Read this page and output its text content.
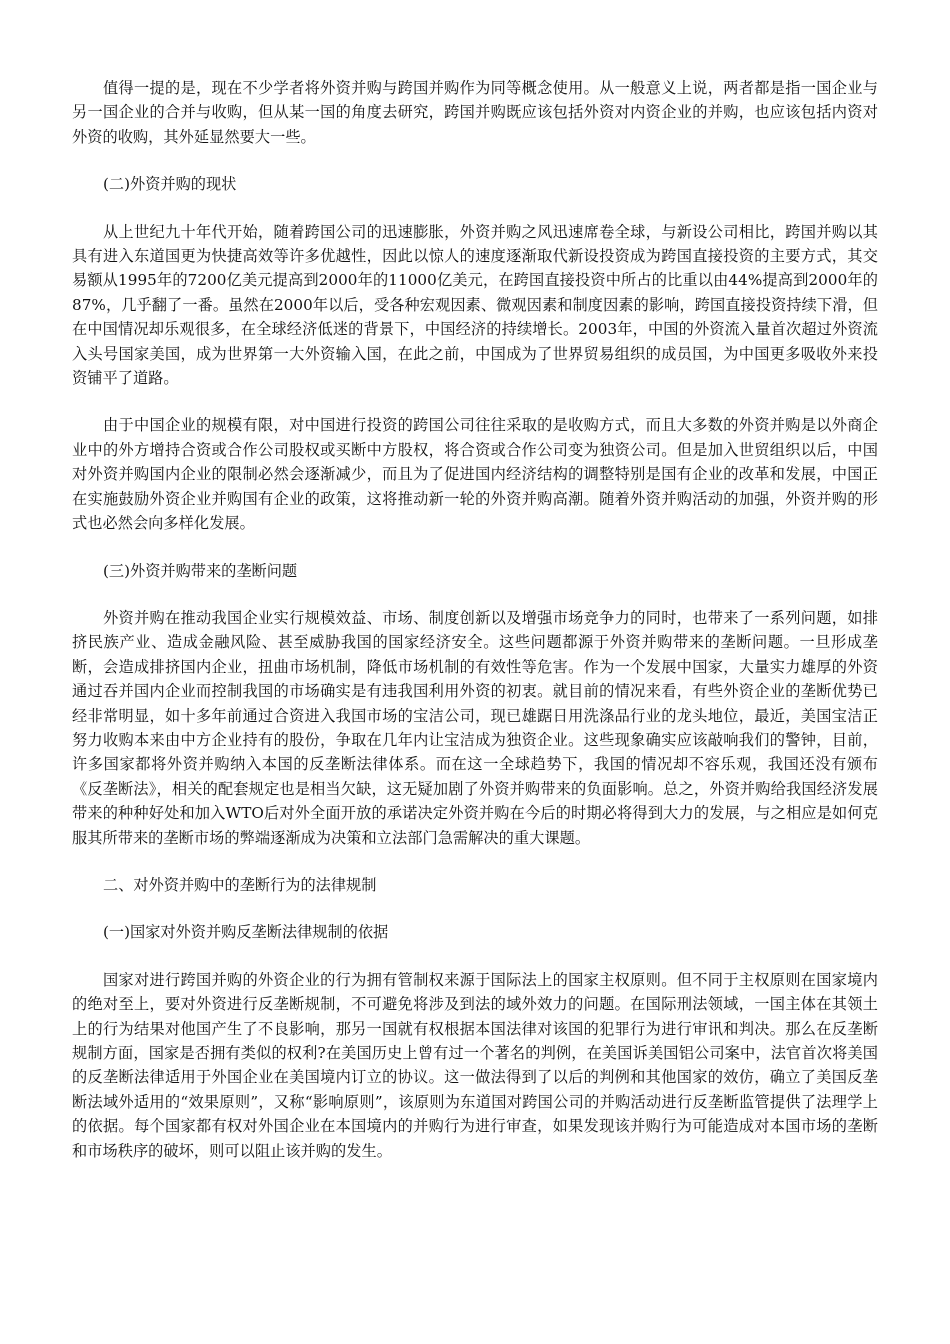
值得一提的是，现在不少学者将外资并购与跨国并购作为同等概念使用。从一般意义上说，两者都是指一国企业与另一国企业的合并与收购，但从某一国的角度去研究，跨国并购既应该包括外资对内资企业的并购，也应该包括内资对外资的收购，其外延显然要大一些。

(二)外资并购的现状

从上世纪九十年代开始，随着跨国公司的迅速膨胀，外资并购之风迅速席卷全球，与新设公司相比，跨国并购以其具有进入东道国更为快捷高效等许多优越性，因此以惊人的速度逐渐取代新设投资成为跨国直接投资的主要方式，其交易额从1995年的7200亿美元提高到2000年的11000亿美元，在跨国直接投资中所占的比重以由44%提高到2000年的87%，几乎翻了一番。虽然在2000年以后，受各种宏观因素、微观因素和制度因素的影响，跨国直接投资持续下滑，但在中国情况却乐观很多，在全球经济低迷的背景下，中国经济的持续增长。2003年，中国的外资流入量首次超过外资流入头号国家美国，成为世界第一大外资输入国，在此之前，中国成为了世界贸易组织的成员国，为中国更多吸收外来投资铺平了道路。

由于中国企业的规模有限，对中国进行投资的跨国公司往往采取的是收购方式，而且大多数的外资并购是以外商企业中的外方增持合资或合作公司股权或买断中方股权，将合资或合作公司变为独资公司。但是加入世贸组织以后，中国对外资并购国内企业的限制必然会逐渐减少，而且为了促进国内经济结构的调整特别是国有企业的改革和发展，中国正在实施鼓励外资企业并购国有企业的政策，这将推动新一轮的外资并购高潮。随着外资并购活动的加强，外资并购的形式也必然会向多样化发展。

(三)外资并购带来的垄断问题

外资并购在推动我国企业实行规模效益、市场、制度创新以及增强市场竞争力的同时，也带来了一系列问题，如排挤民族产业、造成金融风险、甚至威胁我国的国家经济安全。这些问题都源于外资并购带来的垄断问题。一旦形成垄断，会造成排挤国内企业，扭曲市场机制，降低市场机制的有效性等危害。作为一个发展中国家，大量实力雄厚的外资通过吞并国内企业而控制我国的市场确实是有违我国利用外资的初衷。就目前的情况来看，有些外资企业的垄断优势已经非常明显，如十多年前通过合资进入我国市场的宝洁公司，现已雄踞日用洗涤品行业的龙头地位，最近，美国宝洁正努力收购本来由中方企业持有的股份，争取在几年内让宝洁成为独资企业。这些现象确实应该敲响我们的警钟，目前，许多国家都将外资并购纳入本国的反垄断法律体系。而在这一全球趋势下，我国的情况却不容乐观，我国还没有颁布《反垄断法》，相关的配套规定也是相当欠缺，这无疑加剧了外资并购带来的负面影响。总之，外资并购给我国经济发展带来的种种好处和加入WTO后对外全面开放的承诺决定外资并购在今后的时期必将得到大力的发展，与之相应是如何克服其所带来的垄断市场的弊端逐渐成为决策和立法部门急需解决的重大课题。

二、对外资并购中的垄断行为的法律规制

(一)国家对外资并购反垄断法律规制的依据

国家对进行跨国并购的外资企业的行为拥有管制权来源于国际法上的国家主权原则。但不同于主权原则在国家境内的绝对至上，要对外资进行反垄断规制，不可避免将涉及到法的域外效力的问题。在国际刑法领域，一国主体在其领土上的行为结果对他国产生了不良影响，那另一国就有权根据本国法律对该国的犯罪行为进行审讯和判决。那么在反垄断规制方面，国家是否拥有类似的权利?在美国历史上曾有过一个著名的判例，在美国诉美国铝公司案中，法官首次将美国的反垄断法律适用于外国企业在美国境内订立的协议。这一做法得到了以后的判例和其他国家的效仿，确立了美国反垄断法域外适用的“效果原则”，又称“影响原则”，该原则为东道国对跨国公司的并购活动进行反垄断监管提供了法理学上的依据。每个国家都有权对外国企业在本国境内的并购行为进行审查，如果发现该并购行为可能造成对本国市场的垄断和市场秩序的破坏，则可以阻止该并购的发生。
